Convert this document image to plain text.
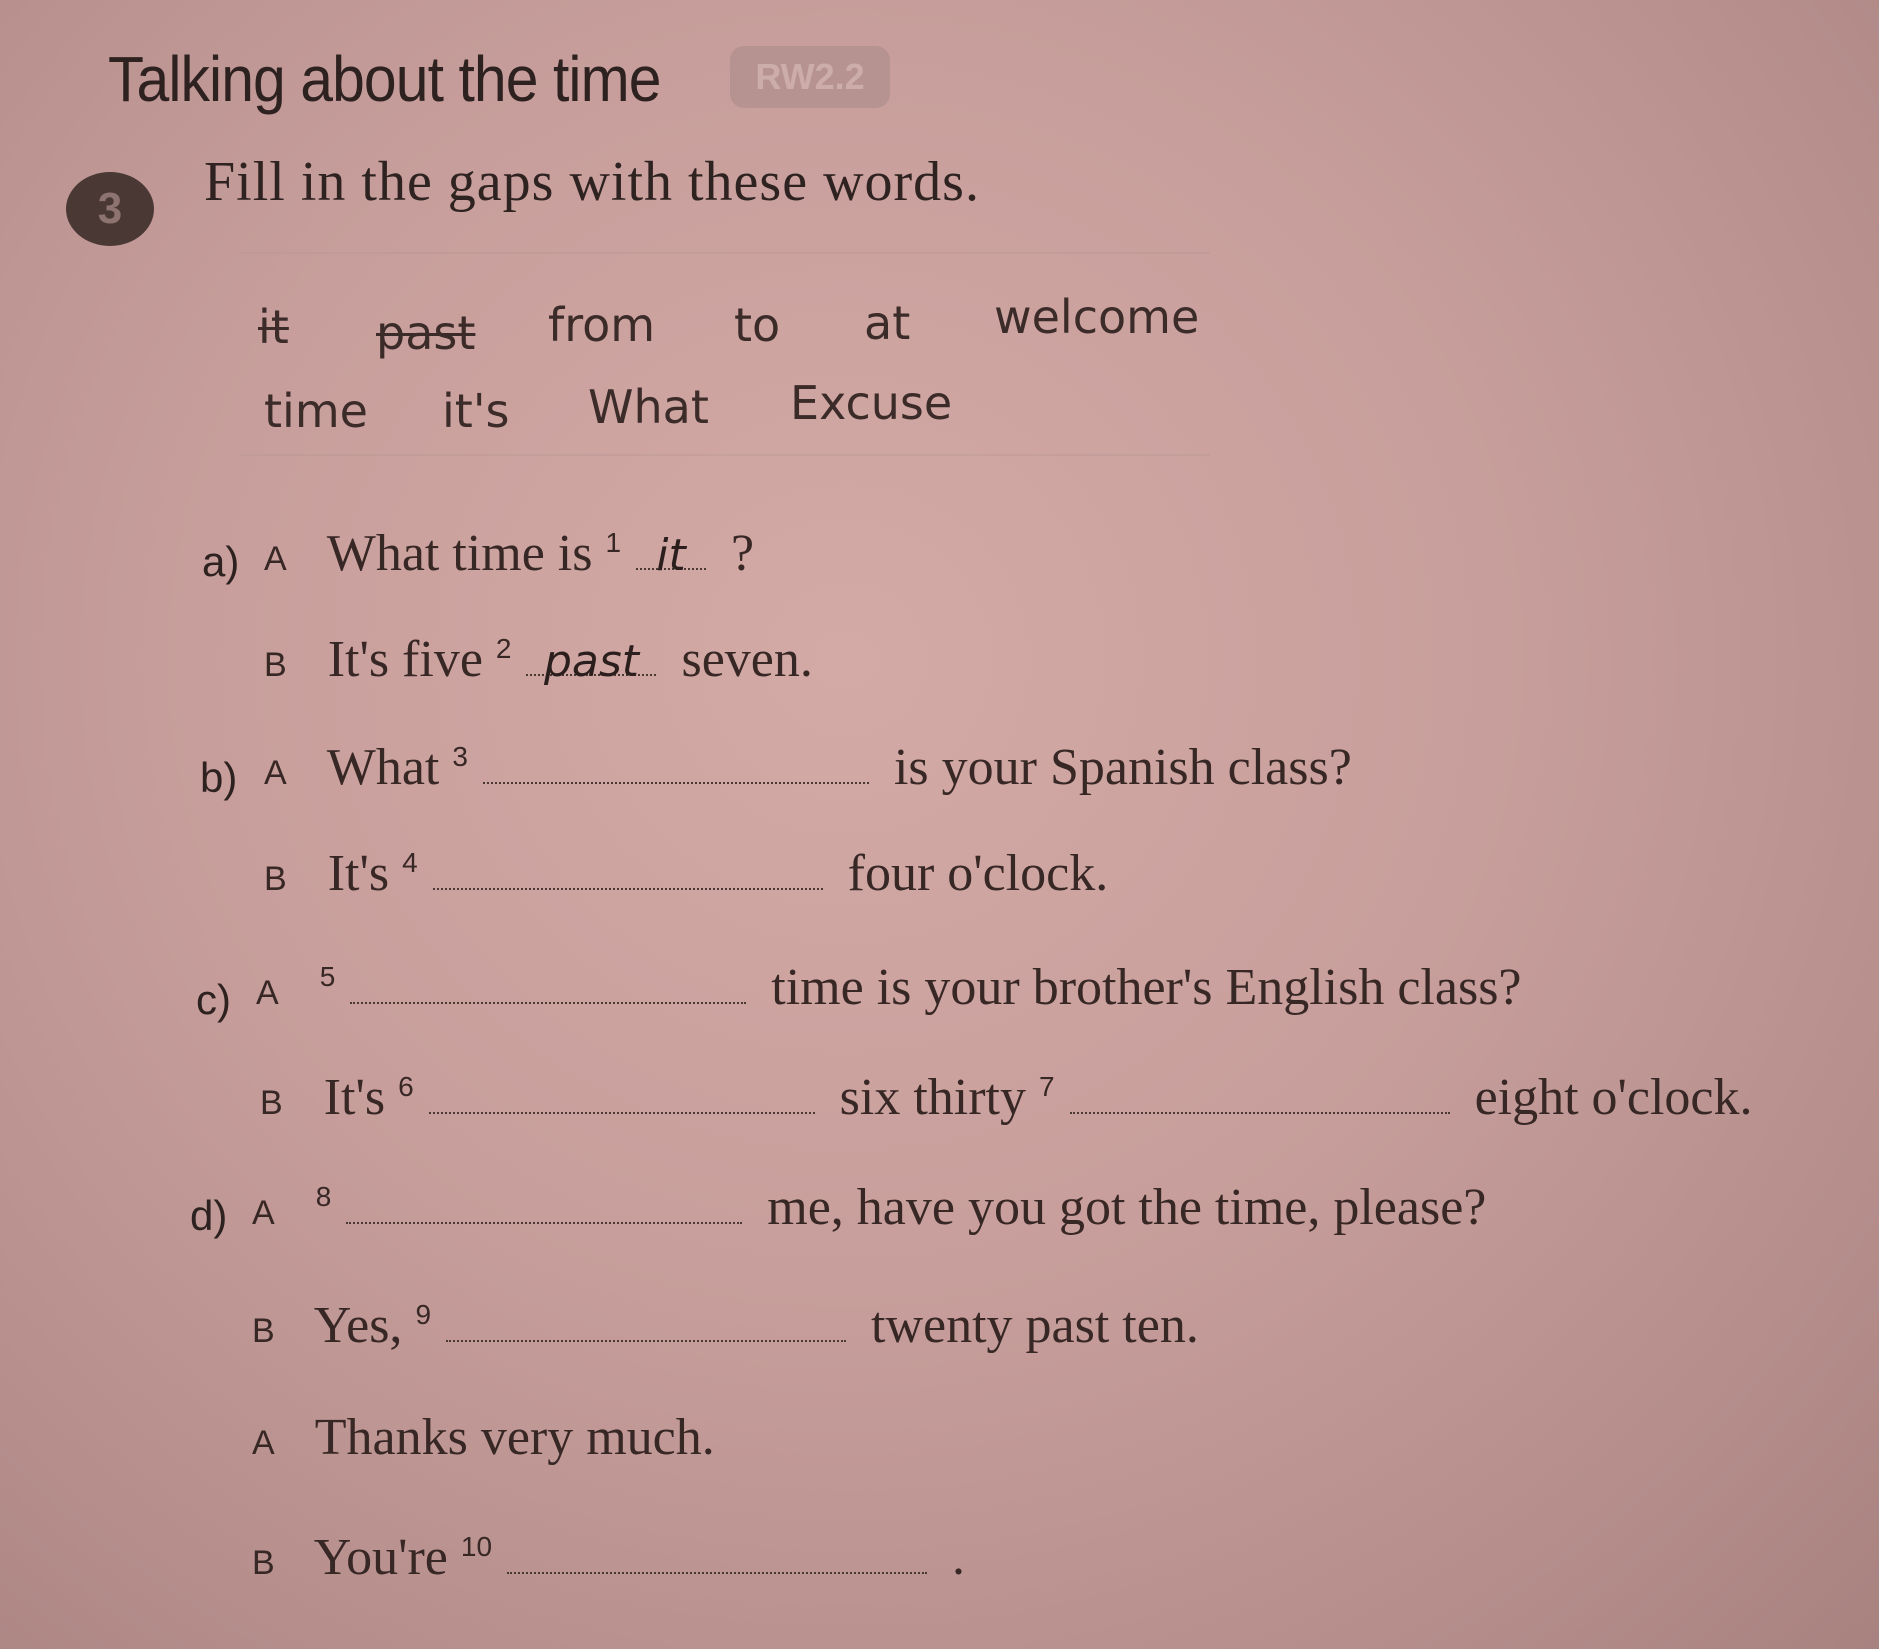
Talking about the time	RW2.2
3	Fill in the gaps with these words.
it past from to at welcome
time it's What Excuse
a) A What time is $^1$ it ?
B It's five $^2$ past seven.
b) A What $^3$	is your Spanish class?
B It's $^4$	four o'clock.
c) A $^5$	time is your brother's English class?
B It's $^6$	six thirty $^7$	eight o'clock.
d) A $^8$	me, have you got the time, please?
B Yes, $^9$	twenty past ten.
A Thanks very much.
B You're $^{10}$	.
